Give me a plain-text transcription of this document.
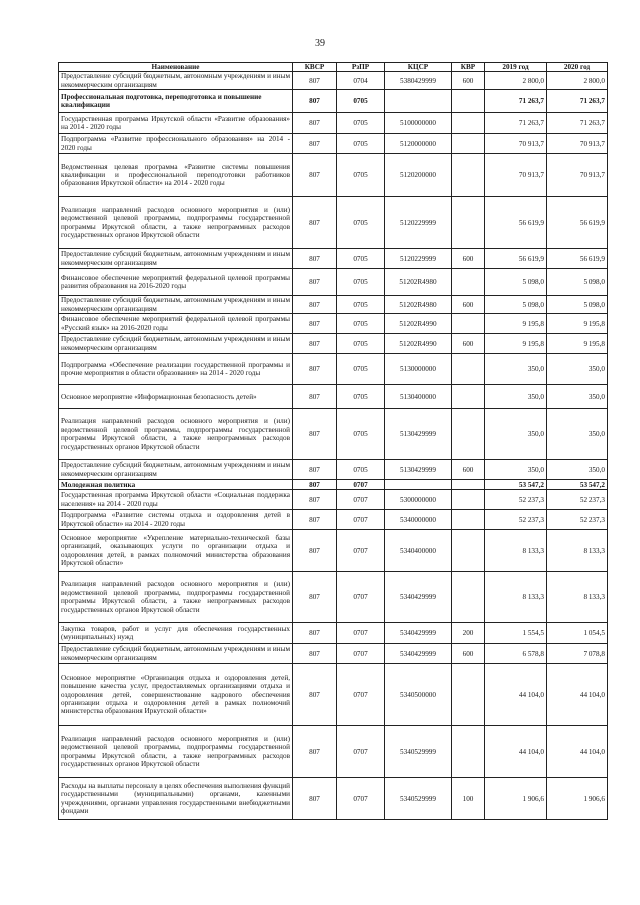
39
Наименование	КВСР	РзПР	КЦСР	КВР	2019 год	2020 год
Предоставление субсидий бюджетным, автономным учреждениям и иным некоммерческим организациям	807	0704	5380429999	600	2 800,0	2 800,0
Профессиональная подготовка, переподготовка и повышение квалификации	807	0705			71 263,7	71 263,7
Государственная программа Иркутской области «Развитие образования» на 2014 - 2020 годы	807	0705	5100000000		71 263,7	71 263,7
Подпрограмма «Развитие профессионального образования» на 2014 - 2020 годы	807	0705	5120000000		70 913,7	70 913,7
Ведомственная целевая программа «Развитие системы повышения квалификации и профессиональной переподготовки работников образования Иркутской области» на 2014 - 2020 годы	807	0705	5120200000		70 913,7	70 913,7
Реализация направлений расходов основного мероприятия и (или) ведомственной целевой программы, подпрограммы государственной программы Иркутской области, а также непрограммных расходов государственных органов Иркутской области	807	0705	5120229999		56 619,9	56 619,9
Предоставление субсидий бюджетным, автономным учреждениям и иным некоммерческим организациям	807	0705	5120229999	600	56 619,9	56 619,9
Финансовое обеспечение мероприятий федеральной целевой программы развития образования на 2016-2020 годы	807	0705	51202R4980		5 098,0	5 098,0
Предоставление субсидий бюджетным, автономным учреждениям и иным некоммерческим организациям	807	0705	51202R4980	600	5 098,0	5 098,0
Финансовое обеспечение мероприятий федеральной целевой программы «Русский язык» на 2016-2020 годы	807	0705	51202R4990		9 195,8	9 195,8
Предоставление субсидий бюджетным, автономным учреждениям и иным некоммерческим организациям	807	0705	51202R4990	600	9 195,8	9 195,8
Подпрограмма «Обеспечение реализации государственной программы и прочие мероприятия в области образования» на 2014 - 2020 годы	807	0705	5130000000		350,0	350,0
Основное мероприятие «Информационная безопасность детей»	807	0705	5130400000		350,0	350,0
Реализация направлений расходов основного мероприятия и (или) ведомственной целевой программы, подпрограммы государственной программы Иркутской области, а также непрограммных расходов государственных органов Иркутской области	807	0705	5130429999		350,0	350,0
Предоставление субсидий бюджетным, автономным учреждениям и иным некоммерческим организациям	807	0705	5130429999	600	350,0	350,0
Молодежная политика	807	0707			53 547,2	53 547,2
Государственная программа Иркутской области «Социальная поддержка населения» на 2014 - 2020 годы	807	0707	5300000000		52 237,3	52 237,3
Подпрограмма «Развитие системы отдыха и оздоровления детей в Иркутской области» на 2014 - 2020 годы	807	0707	5340000000		52 237,3	52 237,3
Основное мероприятие «Укрепление материально-технической базы организаций, оказывающих услуги по организации отдыха и оздоровления детей, в рамках полномочий министерства образования Иркутской области»	807	0707	5340400000		8 133,3	8 133,3
Реализация направлений расходов основного мероприятия и (или) ведомственной целевой программы, подпрограммы государственной программы Иркутской области, а также непрограммных расходов государственных органов Иркутской области	807	0707	5340429999		8 133,3	8 133,3
Закупка товаров, работ и услуг для обеспечения государственных (муниципальных) нужд	807	0707	5340429999	200	1 554,5	1 054,5
Предоставление субсидий бюджетным, автономным учреждениям и иным некоммерческим организациям	807	0707	5340429999	600	6 578,8	7 078,8
Основное мероприятие «Организация отдыха и оздоровления детей, повышение качества услуг, предоставляемых организациями отдыха и оздоровления детей, совершенствование кадрового обеспечения организации отдыха и оздоровления детей в рамках полномочий министерства образования Иркутской области»	807	0707	5340500000		44 104,0	44 104,0
Реализация направлений расходов основного мероприятия и (или) ведомственной целевой программы, подпрограммы государственной программы Иркутской области, а также непрограммных расходов государственных органов Иркутской области	807	0707	5340529999		44 104,0	44 104,0
Расходы на выплаты персоналу в целях обеспечения выполнения функций государственными (муниципальными) органами, казенными учреждениями, органами управления государственными внебюджетными фондами	807	0707	5340529999	100	1 906,6	1 906,6
